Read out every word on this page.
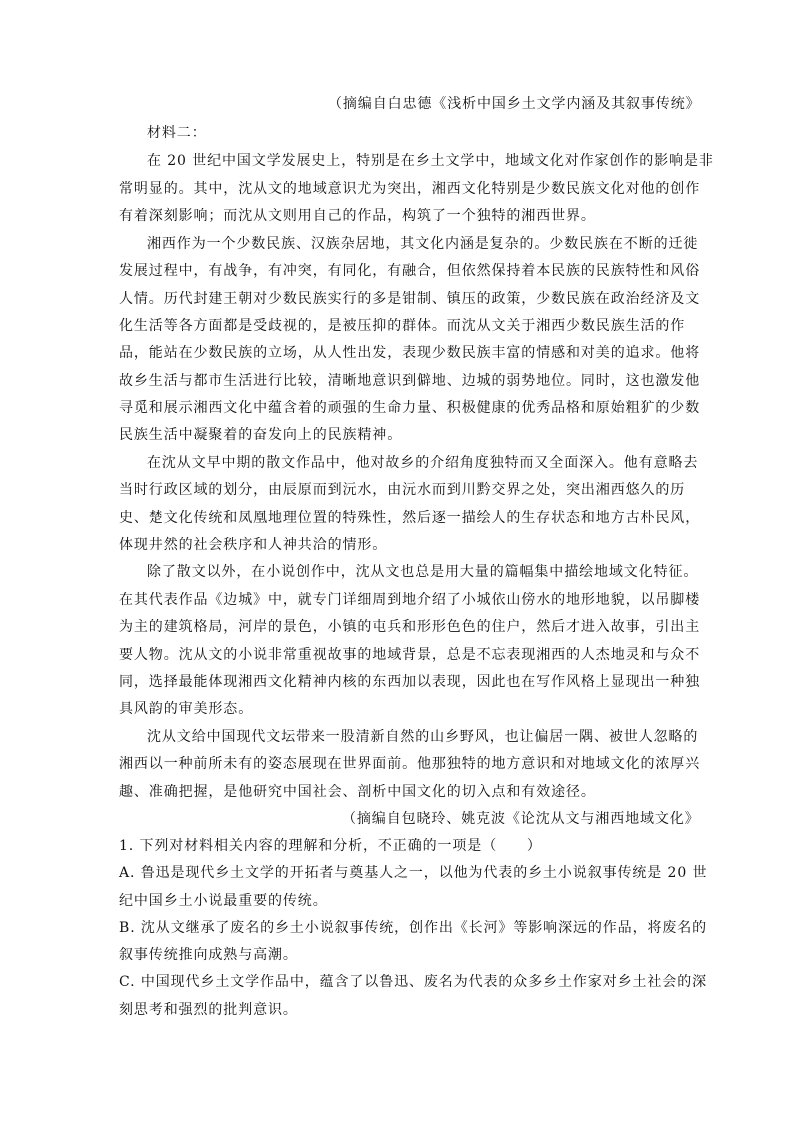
（摘编自白忠德《浅析中国乡土文学内涵及其叙事传统》
材料二：
在 20 世纪中国文学发展史上，特别是在乡土文学中，地域文化对作家创作的影响是非
常明显的。其中，沈从文的地域意识尤为突出，湘西文化特别是少数民族文化对他的创作
有着深刻影响；而沈从文则用自己的作品，构筑了一个独特的湘西世界。
湘西作为一个少数民族、汉族杂居地，其文化内涵是复杂的。少数民族在不断的迁徙
发展过程中，有战争，有冲突，有同化，有融合，但依然保持着本民族的民族特性和风俗
人情。历代封建王朝对少数民族实行的多是钳制、镇压的政策，少数民族在政治经济及文
化生活等各方面都是受歧视的，是被压抑的群体。而沈从文关于湘西少数民族生活的作
品，能站在少数民族的立场，从人性出发，表现少数民族丰富的情感和对美的追求。他将
故乡生活与都市生活进行比较，清晰地意识到僻地、边城的弱势地位。同时，这也激发他
寻觅和展示湘西文化中蕴含着的顽强的生命力量、积极健康的优秀品格和原始粗犷的少数
民族生活中凝聚着的奋发向上的民族精神。
在沈从文早中期的散文作品中，他对故乡的介绍角度独特而又全面深入。他有意略去
当时行政区域的划分，由辰原而到沅水，由沅水而到川黔交界之处，突出湘西悠久的历
史、楚文化传统和凤凰地理位置的特殊性，然后逐一描绘人的生存状态和地方古朴民风，
体现井然的社会秩序和人神共洽的情形。
除了散文以外，在小说创作中，沈从文也总是用大量的篇幅集中描绘地域文化特征。
在其代表作品《边城》中，就专门详细周到地介绍了小城依山傍水的地形地貌，以吊脚楼
为主的建筑格局，河岸的景色，小镇的屯兵和形形色色的住户，然后才进入故事，引出主
要人物。沈从文的小说非常重视故事的地域背景，总是不忘表现湘西的人杰地灵和与众不
同，选择最能体现湘西文化精神内核的东西加以表现，因此也在写作风格上显现出一种独
具风韵的审美形态。
沈从文给中国现代文坛带来一股清新自然的山乡野风，也让偏居一隅、被世人忽略的
湘西以一种前所未有的姿态展现在世界面前。他那独特的地方意识和对地域文化的浓厚兴
趣、准确把握，是他研究中国社会、剖析中国文化的切入点和有效途径。
（摘编自包晓玲、姚克波《论沈从文与湘西地域文化》
1. 下列对材料相关内容的理解和分析，不正确的一项是（　　）
A. 鲁迅是现代乡土文学的开拓者与奠基人之一，以他为代表的乡土小说叙事传统是 20 世
纪中国乡土小说最重要的传统。
B. 沈从文继承了废名的乡土小说叙事传统，创作出《长河》等影响深远的作品，将废名的
叙事传统推向成熟与高潮。
C. 中国现代乡土文学作品中，蕴含了以鲁迅、废名为代表的众多乡土作家对乡土社会的深
刻思考和强烈的批判意识。
